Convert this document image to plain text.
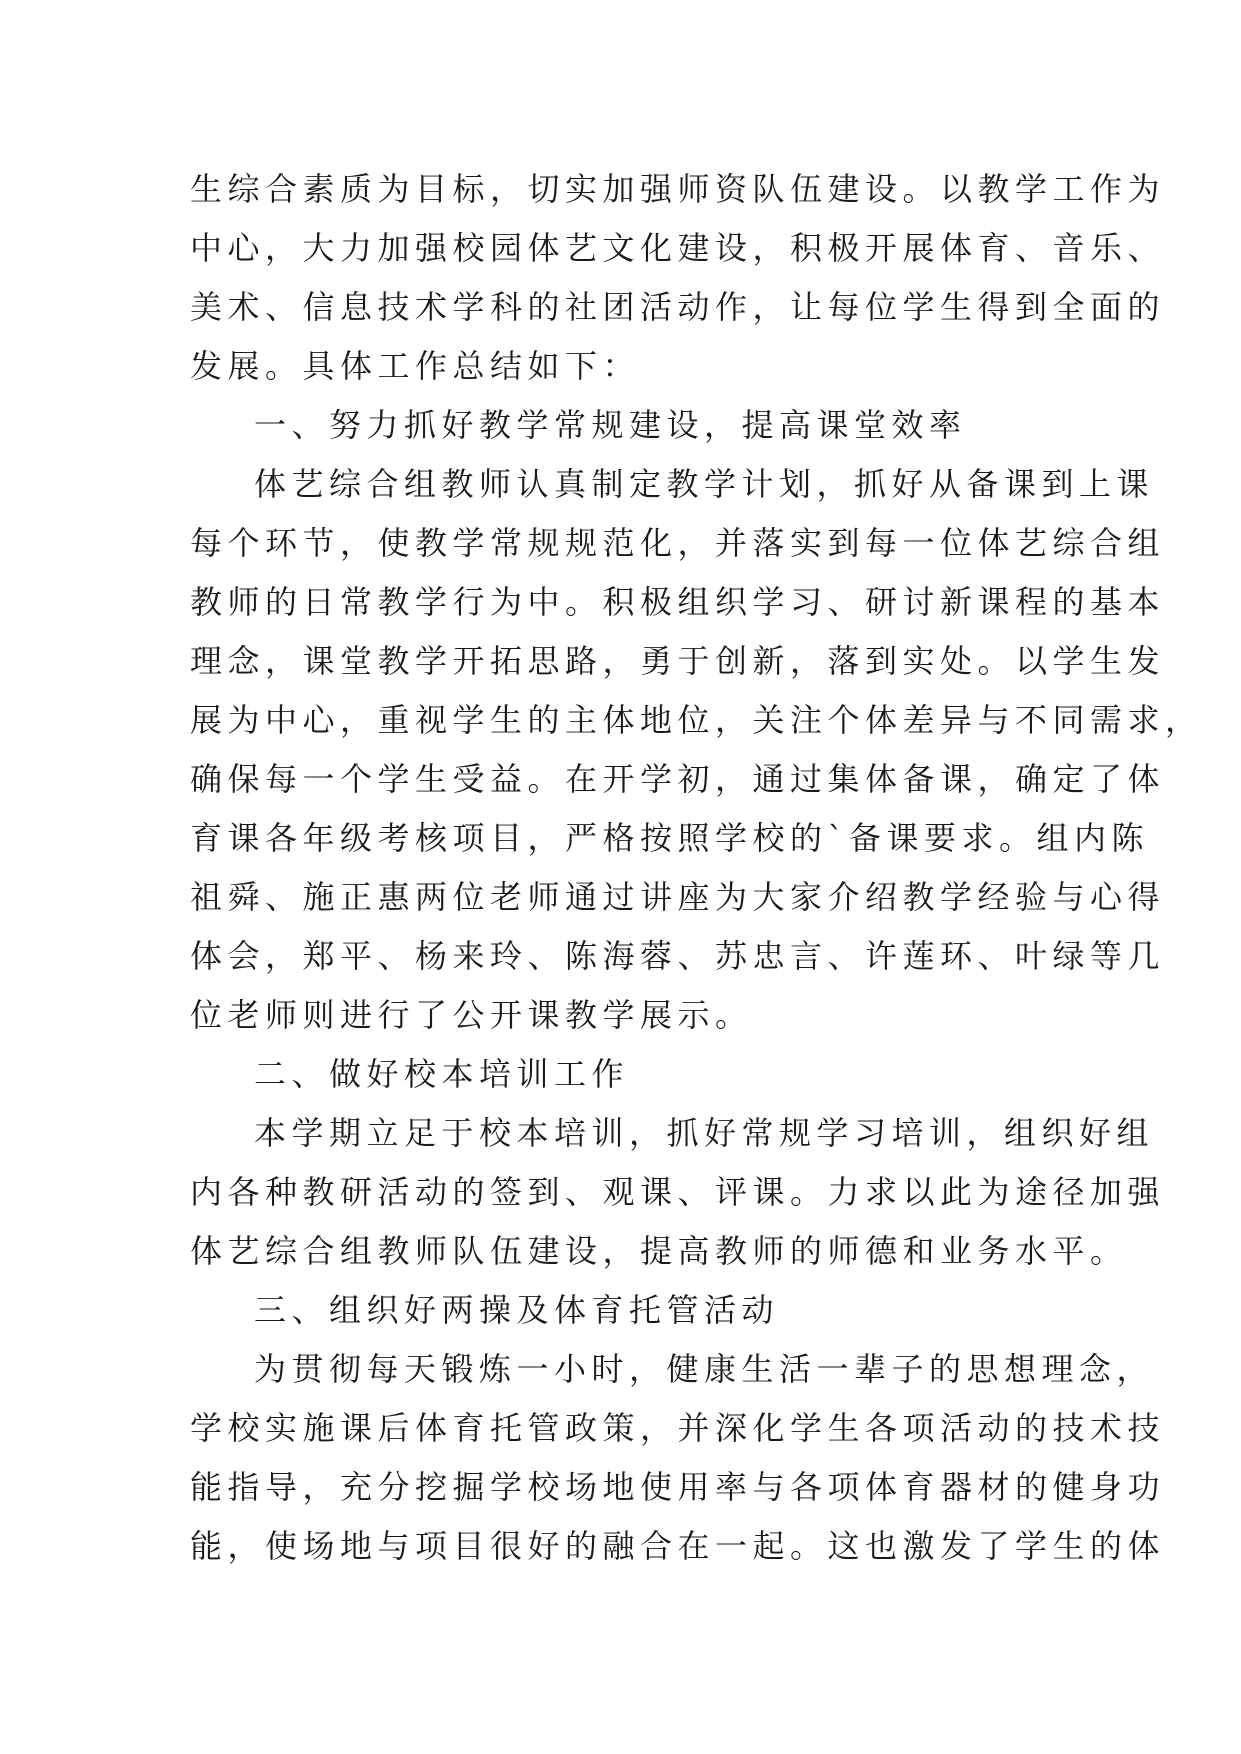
生综合素质为目标，切实加强师资队伍建设。以教学工作为
中心，大力加强校园体艺文化建设，积极开展体育、音乐、
美术、信息技术学科的社团活动作，让每位学生得到全面的
发展。具体工作总结如下：
一、努力抓好教学常规建设，提高课堂效率
体艺综合组教师认真制定教学计划，抓好从备课到上课
每个环节，使教学常规规范化，并落实到每一位体艺综合组
教师的日常教学行为中。积极组织学习、研讨新课程的基本
理念，课堂教学开拓思路，勇于创新，落到实处。以学生发
展为中心，重视学生的主体地位，关注个体差异与不同需求，
确保每一个学生受益。在开学初，通过集体备课，确定了体
育课各年级考核项目，严格按照学校的`备课要求。组内陈
祖舜、施正惠两位老师通过讲座为大家介绍教学经验与心得
体会，郑平、杨来玲、陈海蓉、苏忠言、许莲环、叶绿等几
位老师则进行了公开课教学展示。
二、做好校本培训工作
本学期立足于校本培训，抓好常规学习培训，组织好组
内各种教研活动的签到、观课、评课。力求以此为途径加强
体艺综合组教师队伍建设，提高教师的师德和业务水平。
三、组织好两操及体育托管活动
为贯彻每天锻炼一小时，健康生活一辈子的思想理念，
学校实施课后体育托管政策，并深化学生各项活动的技术技
能指导，充分挖掘学校场地使用率与各项体育器材的健身功
能，使场地与项目很好的融合在一起。这也激发了学生的体
